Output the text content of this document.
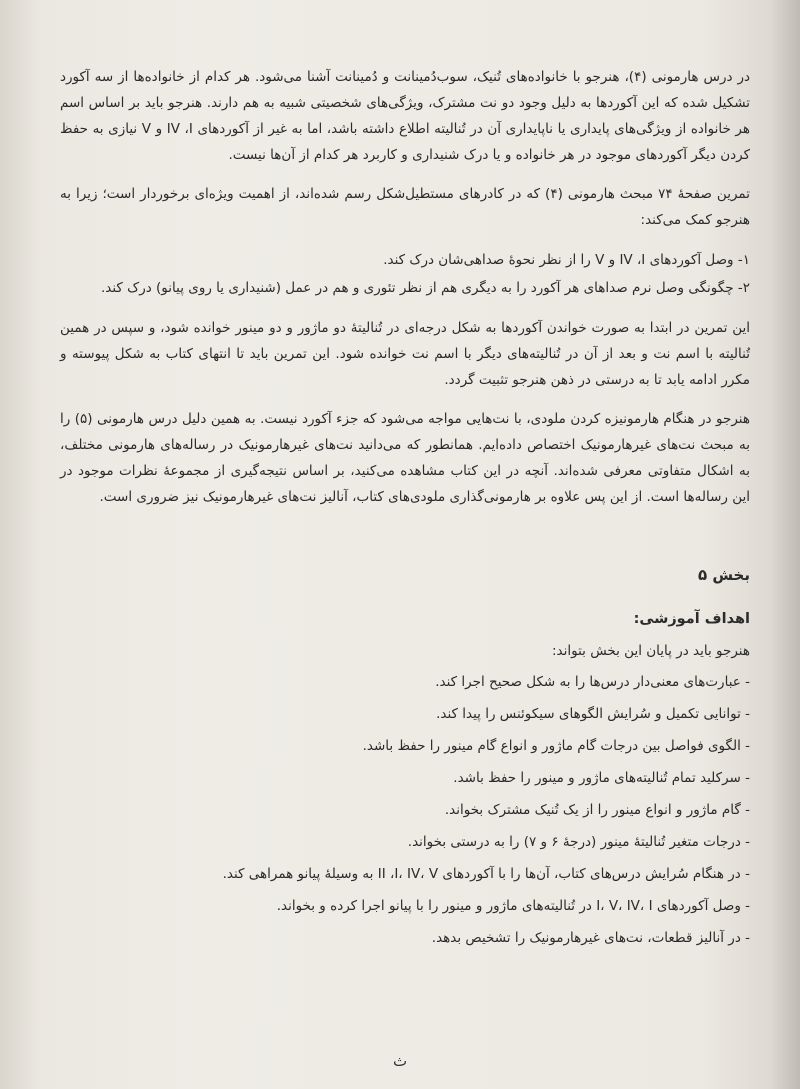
در درس هارمونی (۴)، هنرجو با خانواده‌های تُنیک، سوب‌دُمینانت و دُمینانت آشنا می‌شود. هر کدام از خانواده‌ها از سه آکورد تشکیل شده که این آکوردها به دلیل وجود دو نت مشترک، ویژگی‌های شخصیتی شبیه به هم دارند. هنرجو باید بر اساس اسم هر خانواده از ویژگی‌های پایداری یا ناپایداری آن در تُنالیته اطلاع داشته باشد، اما به غیر از آکوردهای IV ،I و V نیازی به حفظ کردن دیگر آکوردهای موجود در هر خانواده و یا درک شنیداری و کاربرد هر کدام از آن‌ها نیست.

تمرین صفحهٔ ۷۴ مبحث هارمونی (۴) که در کادرهای مستطیل‌شکل رسم شده‌اند، از اهمیت ویژه‌ای برخوردار است؛ زیرا به هنرجو کمک می‌کند:

۱- وصل آکوردهای IV ،I و V را از نظر نحوهٔ صداهی‌شان درک کند.

۲- چگونگی وصل نرم صداهای هر آکورد را به دیگری هم از نظر تئوری و هم در عمل (شنیداری یا روی پیانو) درک کند.

این تمرین در ابتدا به صورت خواندن آکوردها به شکل درجه‌ای در تُنالیتهٔ دو ماژور و دو مینور خوانده شود، و سپس در همین تُنالیته با اسم نت و بعد از آن در تُنالیته‌های دیگر با اسم نت خوانده شود. این تمرین باید تا انتهای کتاب به شکل پیوسته و مکرر ادامه یابد تا به درستی در ذهن هنرجو تثبیت گردد.

هنرجو در هنگام هارمونیزه کردن ملودی، با نت‌هایی مواجه می‌شود که جزء آکورد نیست. به همین دلیل درس هارمونی (۵) را به مبحث نت‌های غیرهارمونیک اختصاص داده‌ایم. همانطور که می‌دانید نت‌های غیرهارمونیک در رساله‌های هارمونی مختلف، به اشکال متفاوتی معرفی شده‌اند. آنچه در این کتاب مشاهده می‌کنید، بر اساس نتیجه‌گیری از مجموعهٔ نظرات موجود در این رساله‌ها است. از این پس علاوه بر هارمونی‌گذاری ملودی‌های کتاب، آنالیز نت‌های غیرهارمونیک نیز ضروری است.

بخش ۵

اهداف آموزشی:

هنرجو باید در پایان این بخش بتواند:

- عبارت‌های معنی‌دار درس‌ها را به شکل صحیح اجرا کند.

- توانایی تکمیل و سُرایش الگوهای سیکوئنس را پیدا کند.

- الگوی فواصل بین درجات گام ماژور و انواع گام مینور را حفظ باشد.

- سرکلید تمام تُنالیته‌های ماژور و مینور را حفظ باشد.

- گام ماژور و انواع مینور را از یک تُنیک مشترک بخواند.

- درجات متغیر تُنالیتهٔ مینور (درجهٔ ۶ و ۷) را به درستی بخواند.

- در هنگام سُرایش درس‌های کتاب، آن‌ها را با آکوردهای II ،I، IV، V به وسیلهٔ پیانو همراهی کند.

- وصل آکوردهای I، V، IV، I در تُنالیته‌های ماژور و مینور را با پیانو اجرا کرده و بخواند.

- در آنالیز قطعات، نت‌های غیرهارمونیک را تشخیص بدهد.

ث
